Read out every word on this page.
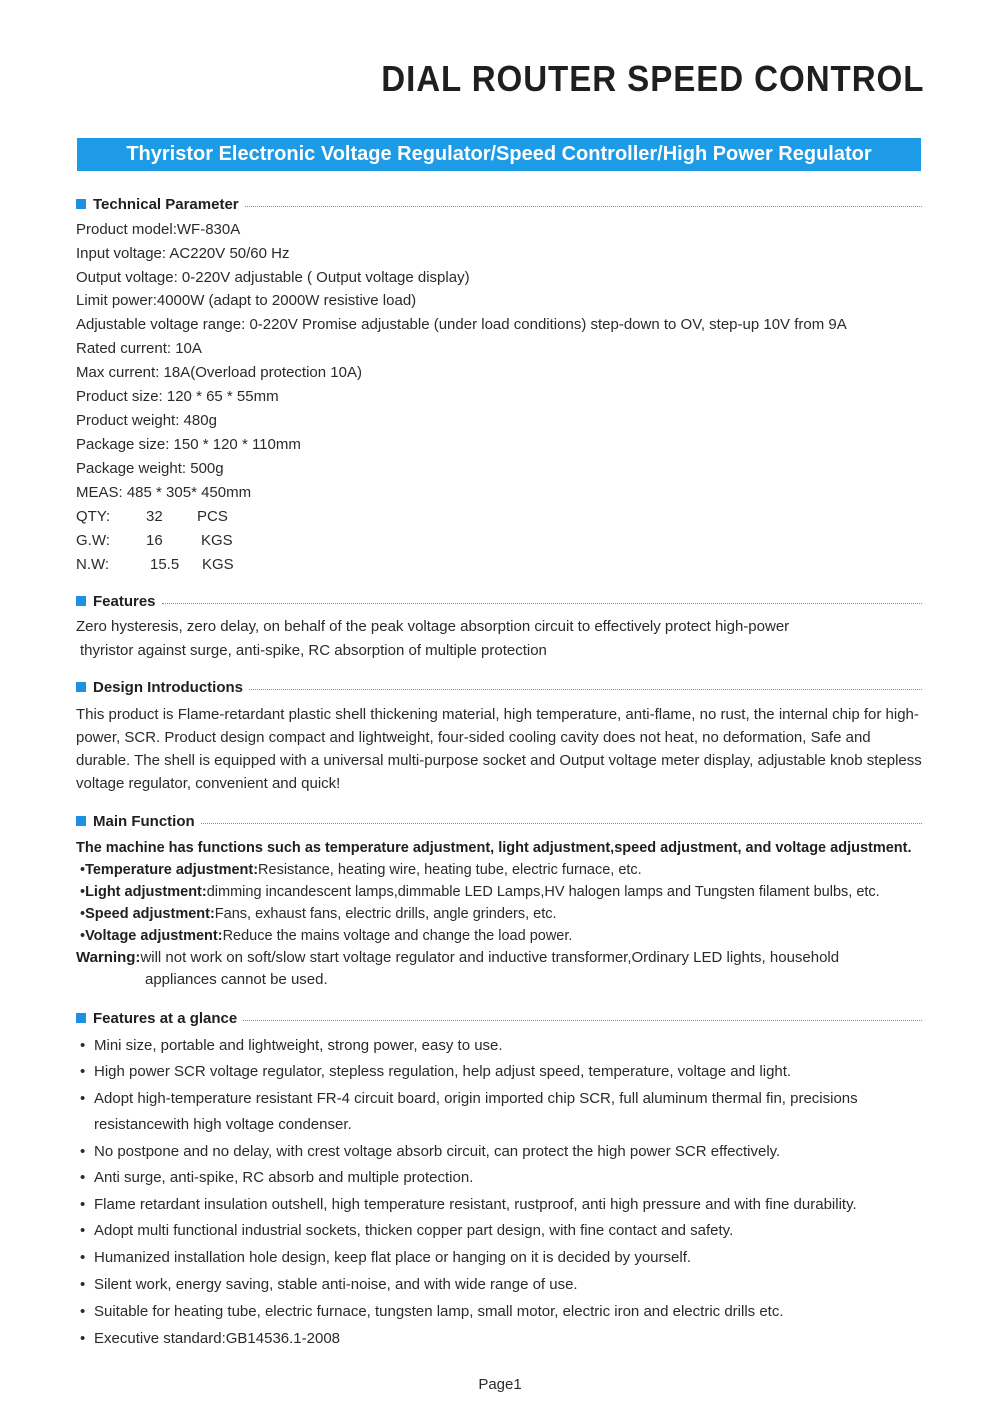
DIAL ROUTER SPEED CONTROL
Thyristor Electronic Voltage Regulator/Speed Controller/High Power Regulator
Technical Parameter
Product model:WF-830A
Input voltage: AC220V 50/60 Hz
Output voltage: 0-220V adjustable ( Output voltage display)
Limit power:4000W (adapt to 2000W resistive load)
Adjustable voltage range: 0-220V Promise adjustable (under load conditions) step-down to OV, step-up 10V from 9A
Rated current: 10A
Max current: 18A(Overload protection 10A)
Product size: 120 * 65 * 55mm
Product weight: 480g
Package size: 150 * 120 * 110mm
Package weight: 500g
MEAS: 485 * 305* 450mm
QTY: 32 PCS
G.W: 16	KGS
N.W:	15.5 KGS
Features
Zero hysteresis, zero delay, on behalf of the peak voltage absorption circuit to effectively protect high-power
thyristor against surge, anti-spike, RC absorption of multiple protection
Design Introductions
This product is Flame-retardant plastic shell thickening material, high temperature, anti-flame, no rust, the internal chip for high-power, SCR. Product design compact and lightweight, four-sided cooling cavity does not heat, no deformation, Safe and durable. The shell is equipped with a universal multi-purpose socket and Output voltage meter display, adjustable knob stepless voltage regulator, convenient and quick!
Main Function
The machine has functions such as temperature adjustment, light adjustment,speed adjustment, and voltage adjustment.
•Temperature adjustment:Resistance, heating wire, heating tube, electric furnace, etc.
•Light adjustment:dimming incandescent lamps,dimmable LED Lamps,HV halogen lamps and Tungsten filament bulbs, etc.
•Speed adjustment:Fans, exhaust fans, electric drills, angle grinders, etc.
•Voltage adjustment:Reduce the mains voltage and change the load power.
Warning:will not work on soft/slow start voltage regulator and inductive transformer,Ordinary LED lights, household
appliances cannot be used.
Features at a glance
• Mini size, portable and lightweight, strong power, easy to use.
• High power SCR voltage regulator, stepless regulation, help adjust speed, temperature, voltage and light.
• Adopt high-temperature resistant FR-4 circuit board, origin imported chip SCR, full aluminum thermal fin, precisions resistancewith high voltage condenser.
• No postpone and no delay, with crest voltage absorb circuit, can protect the high power SCR effectively.
• Anti surge, anti-spike, RC absorb and multiple protection.
• Flame retardant insulation outshell, high temperature resistant, rustproof, anti high pressure and with fine durability.
• Adopt multi functional industrial sockets, thicken copper part design, with fine contact and safety.
• Humanized installation hole design, keep flat place or hanging on it is decided by yourself.
• Silent work, energy saving, stable anti-noise, and with wide range of use.
• Suitable for heating tube, electric furnace, tungsten lamp, small motor, electric iron and electric drills etc.
• Executive standard:GB14536.1-2008
Page1
